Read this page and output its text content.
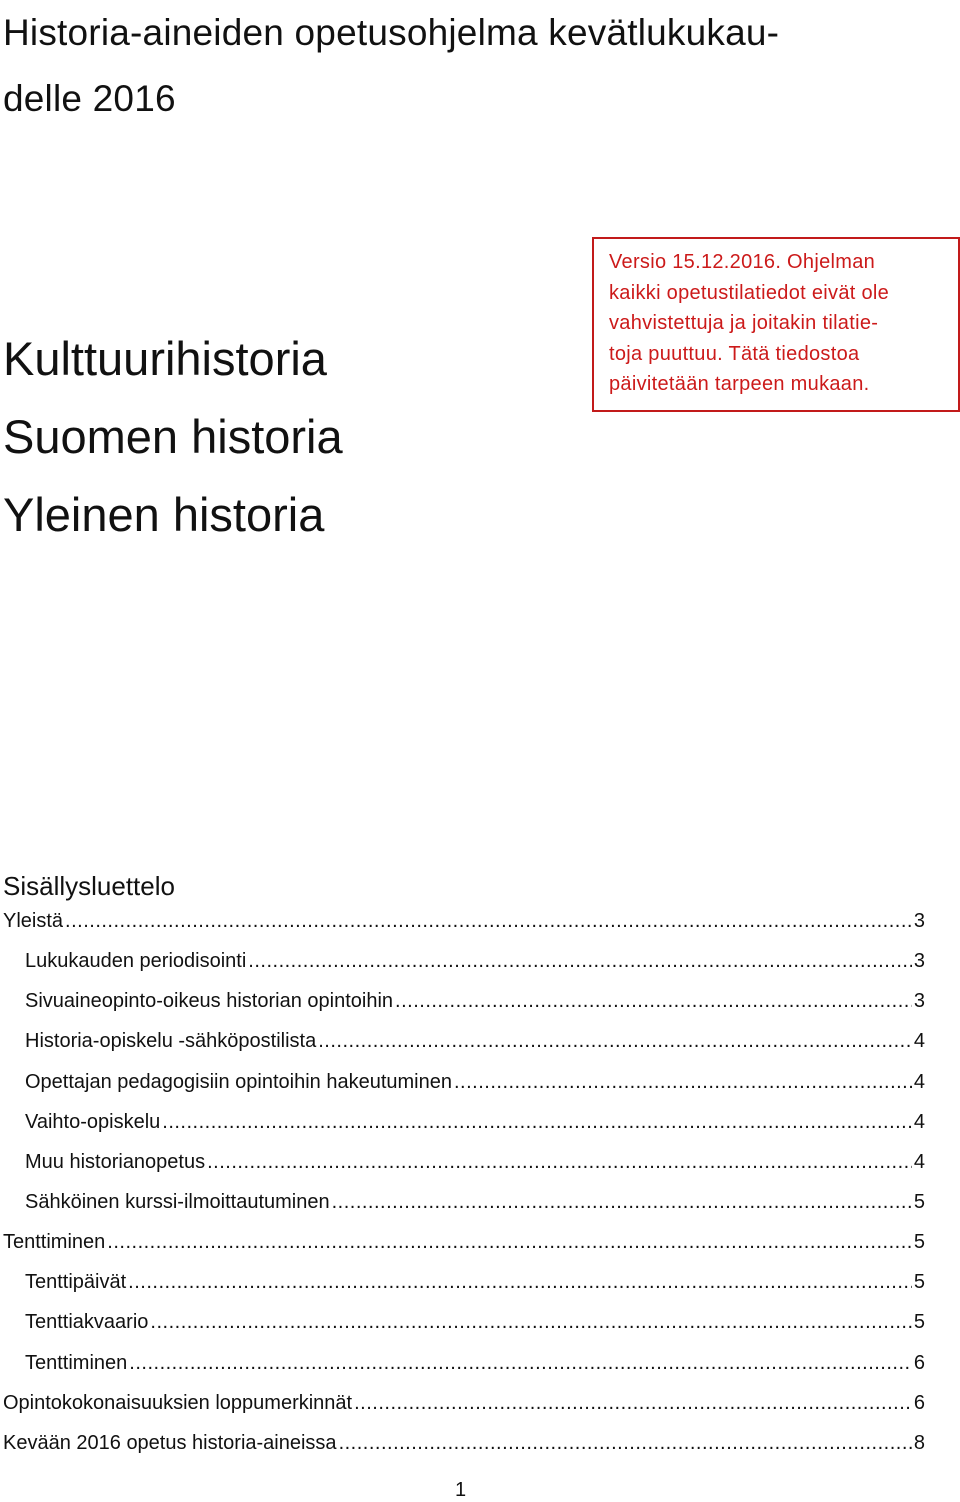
Historia-aineiden opetusohjelma kevätlukukau-
delle 2016
Kulttuurihistoria
Suomen historia
Yleinen historia
Versio 15.12.2016. Ohjelman
kaikki opetustilatiedot eivät ole
vahvistettuja ja joitakin tilatie-
toja puuttuu. Tätä tiedostoa
päivitetään tarpeen mukaan.
Sisällysluettelo
Yleistä .....	3
Lukukauden periodisointi .....	3
Sivuaineopinto-oikeus historian opintoihin .....	3
Historia-opiskelu -sähköpostilista .....	4
Opettajan pedagogisiin opintoihin hakeutuminen .....	4
Vaihto-opiskelu .....	4
Muu historianopetus .....	4
Sähköinen kurssi-ilmoittautuminen .....	5
Tenttiminen .....	5
Tenttipäivät .....	5
Tenttiakvaario .....	5
Tenttiminen .....	6
Opintokokonaisuuksien loppumerkinnät .....	6
Kevään 2016 opetus historia-aineissa .....	8
1
